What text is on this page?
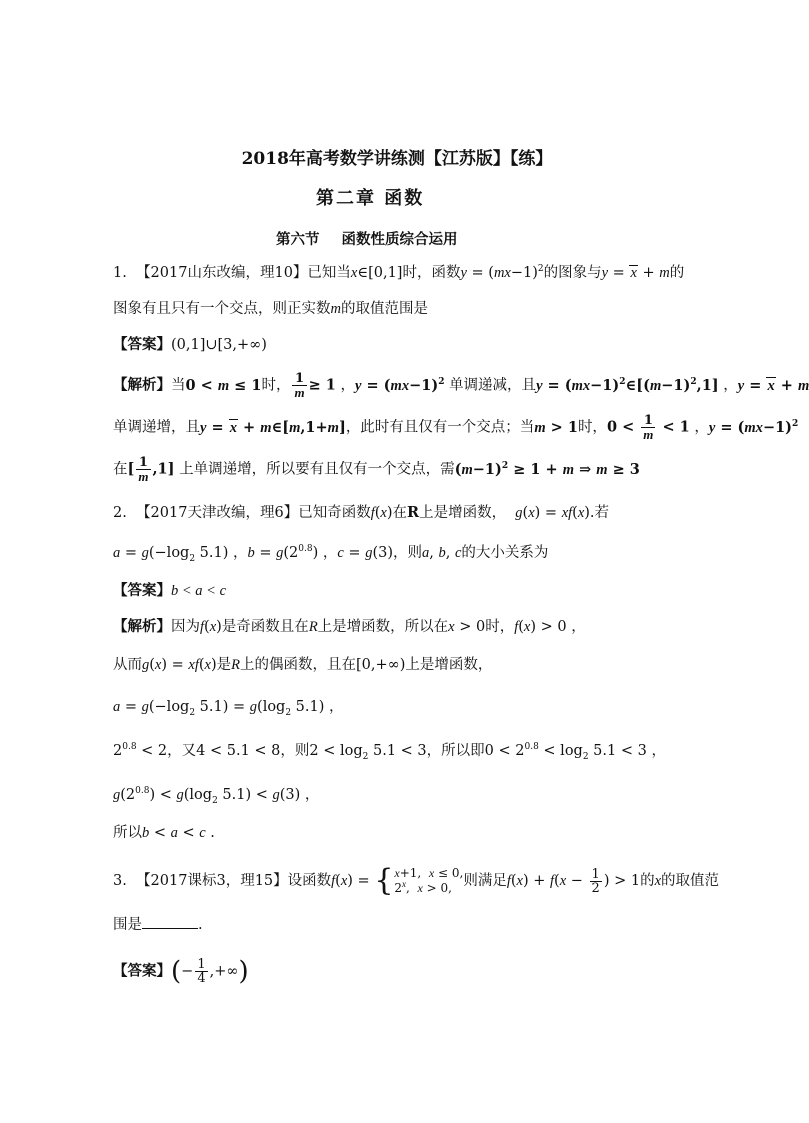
2018年高考数学讲练测【江苏版】【练】
第二章 函数
第六节 函数性质综合运用
1. 【2017山东改编，理10】已知当x∈[0,1]时，函数$y = (mx-1)^2$的图象与y = x + m的
图象有且只有一个交点，则正实数m的取值范围是
【答案】(0,1]∪[3,+∞)
【解析】当0 < m ≤ 1时， $\frac{1}{m} \ge 1$ ，$y = (mx-1)^2$ 单调递减，且$y = (mx-1)^2\in[(m-1)^2,1]$ ，y = x + m
单调递增，且y = x + m∈[m,1+m]，此时有且仅有一个交点；当m > 1时，$0 < \frac{1}{m} < 1$ ，$y = (mx-1)^2$
在[ $\frac{1}{m} ,1$] 上单调递增，所以要有且仅有一个交点，需$(m-1)^2 \ge 1 + m$ ⇒ m ≥ 3
2. 【2017天津改编，理6】已知奇函数f(x)在R上是增函数， g(x) = xf(x).若
$a = g(-\log_2$ 5.1) ，$b = g(2^{0.8})$ ，c = g(3)，则a, b, c的大小关系为
【答案】b < a < c
【解析】因为f(x)是奇函数且在R上是增函数，所以在x > 0时，f(x) > 0 ，
从而g(x) = xf(x)是R上的偶函数，且在[0,+∞)上是增函数，
$a = g(-\log_2$ $5.1) = g(\log_2$ 5.1) ，
$2^{0.8} < 2$，又4 < 5.1 < 8，则$2 < \log_2 5.1 < 3$，所以即$0 < 2^{0.8} < \log_2 5.1 < 3$ ，
$g(2^{0.8}) < g(\log_2$ 5.1) < g(3) ，
所以b < a < c .
3. 【2017课标3，理15】设函数f(x) = { x+1,  x ≤ 0,
2$^x$,  x > 0, 则满足$f(x) + f(x - \frac{1}{2}$ ) > 1的x的取值范
围是	.
【答案】(− $\frac{1}{4}$ ,+∞)
